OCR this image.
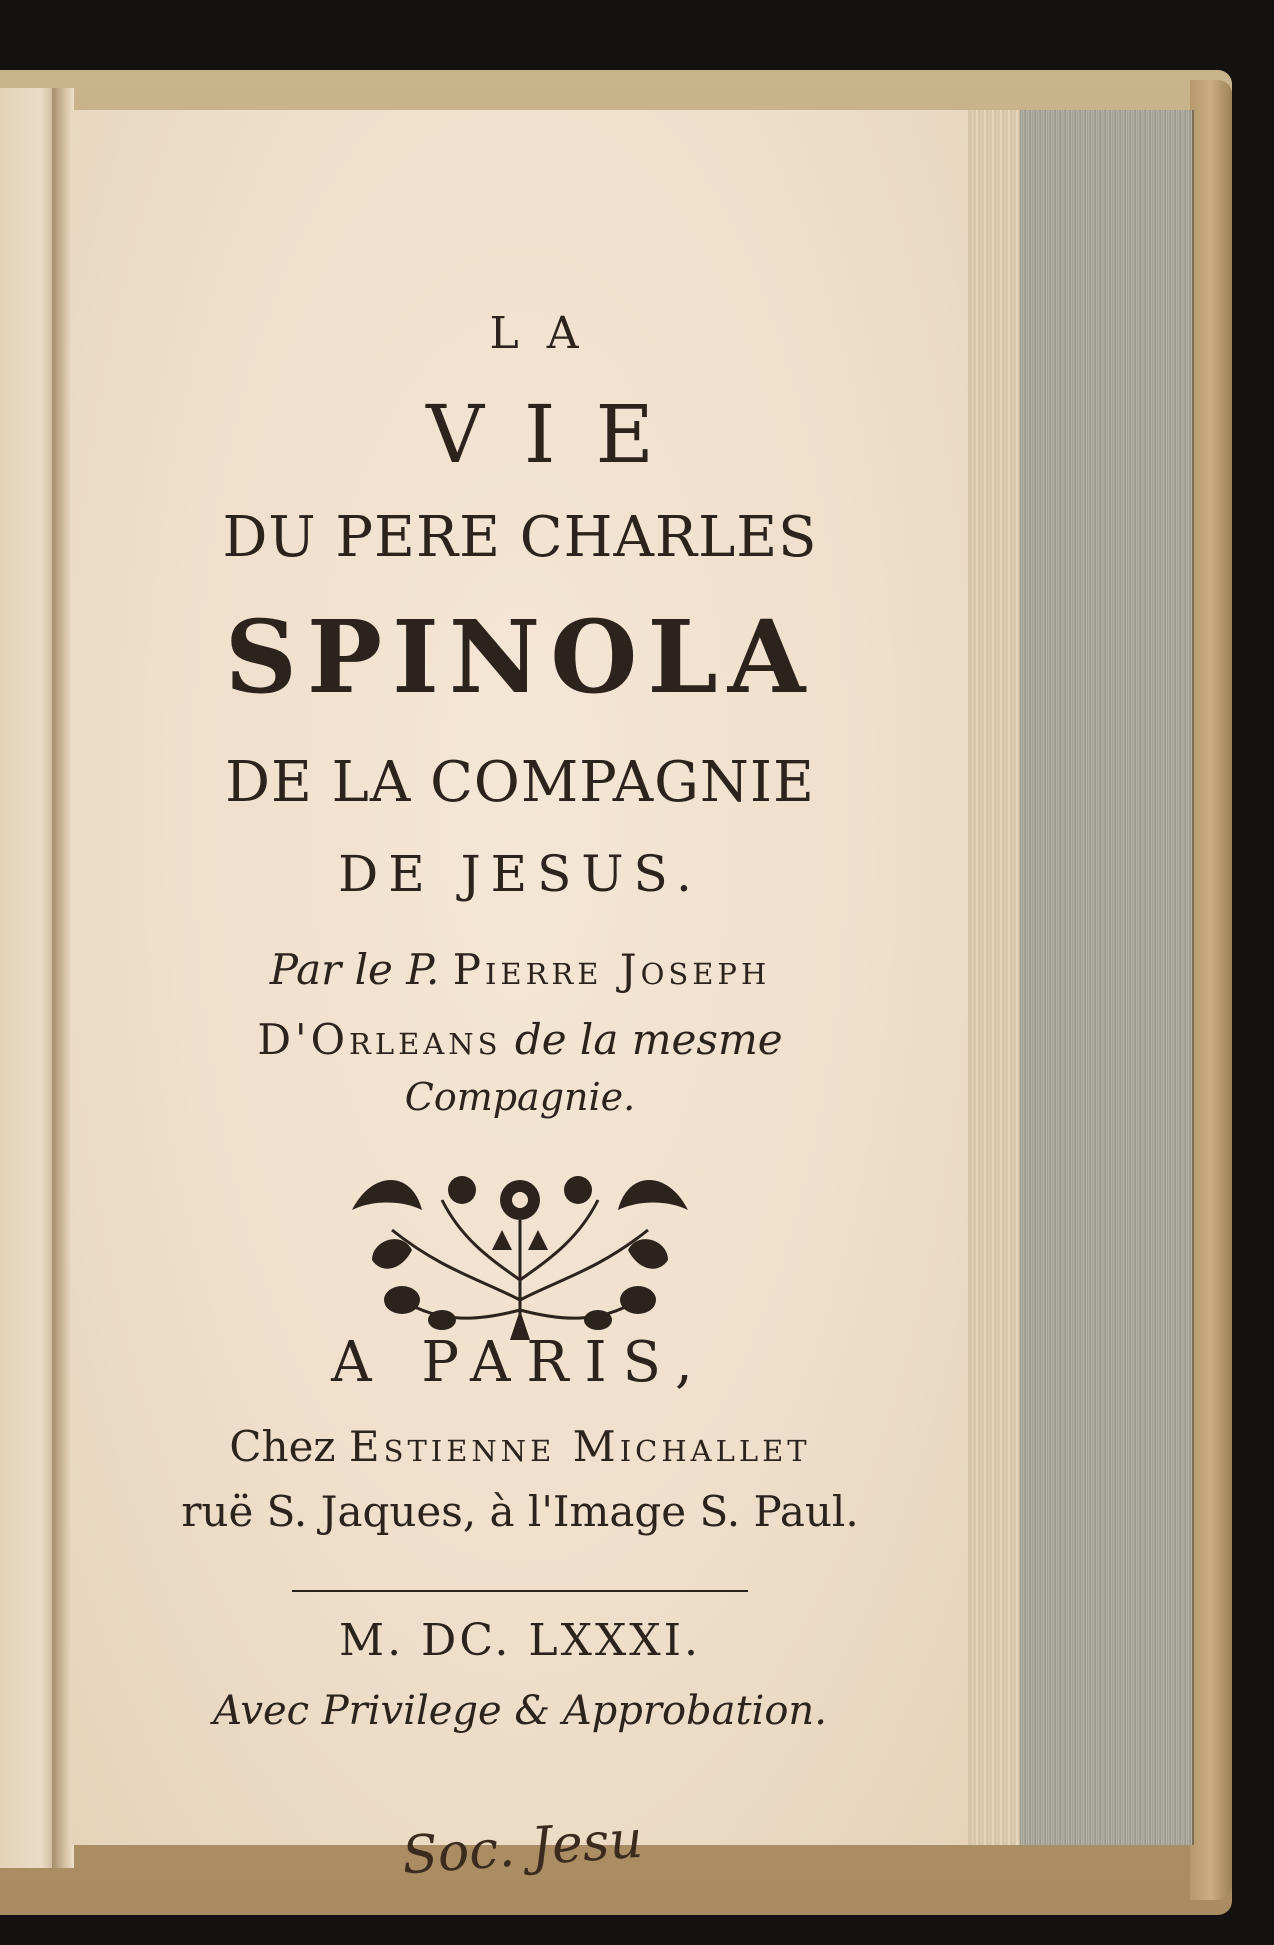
LA
VIE
DU PERE CHARLES
SPINOLA
DE LA COMPAGNIE
DE JESUS.
Par le P. Pierre Joseph
D'Orleans de la mesme
Compagnie.
A PARIS,
Chez Estienne Michallet
ruë S. Jaques, à l'Image S. Paul.
M. DC. LXXXI.
Avec Privilege & Approbation.
Soc. Jesu
